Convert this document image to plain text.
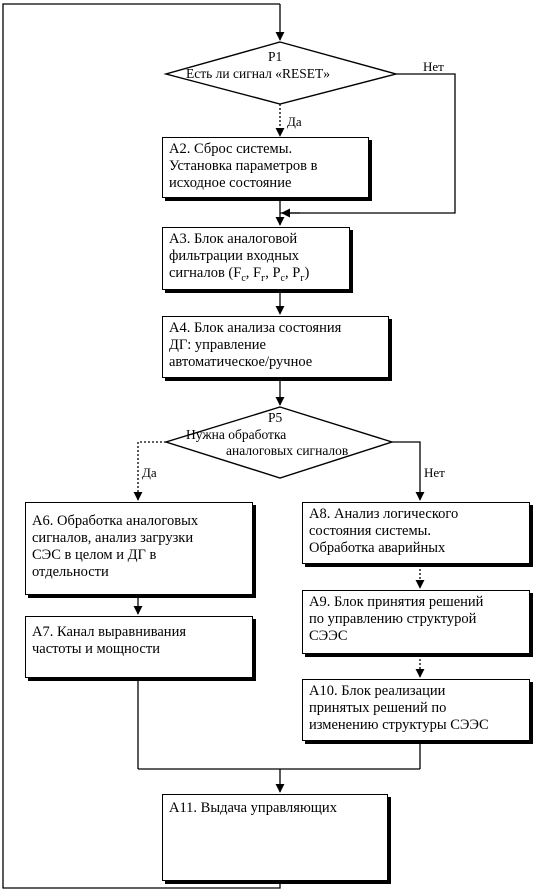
P1
Есть ли сигнал «RESET»
Да
Нет
А2. Сброс системы.
Установка параметров в
исходное состояние
А3. Блок аналоговой
фильтрации входных
сигналов ($F_с$, $F_г$, $P_с$, $P_г$)
А4. Блок анализа состояния
ДГ: управление
автоматическое/ручное
P5
Нужна обработка
аналоговых сигналов
Да	Нет
А6. Обработка аналоговых
сигналов, анализ загрузки
СЭС в целом и ДГ в
отдельности
А7. Канал выравнивания
частоты и мощности
А8. Анализ логического
состояния системы.
Обработка аварийных
А9. Блок принятия решений
по управлению структурой
СЭЭС
А10. Блок реализации
принятых решений по
изменению структуры СЭЭС
А11. Выдача управляющих
